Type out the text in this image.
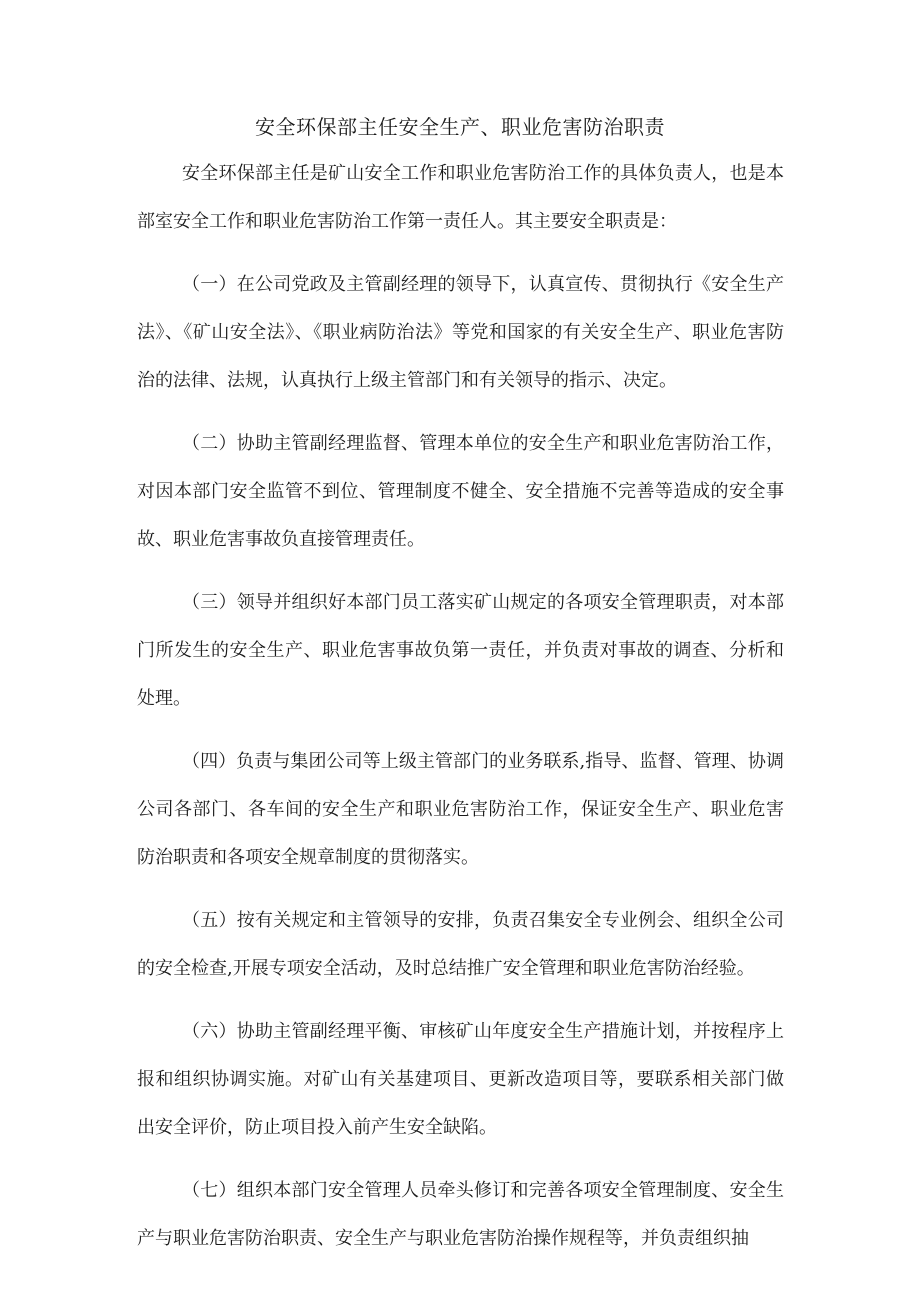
安全环保部主任安全生产、职业危害防治职责

安全环保部主任是矿山安全工作和职业危害防治工作的具体负责人，也是本部室安全工作和职业危害防治工作第一责任人。其主要安全职责是：

（一）在公司党政及主管副经理的领导下，认真宣传、贯彻执行《安全生产法》、《矿山安全法》、《职业病防治法》等党和国家的有关安全生产、职业危害防治的法律、法规，认真执行上级主管部门和有关领导的指示、决定。

（二）协助主管副经理监督、管理本单位的安全生产和职业危害防治工作，对因本部门安全监管不到位、管理制度不健全、安全措施不完善等造成的安全事故、职业危害事故负直接管理责任。

（三）领导并组织好本部门员工落实矿山规定的各项安全管理职责，对本部门所发生的安全生产、职业危害事故负第一责任，并负责对事故的调查、分析和处理。

（四）负责与集团公司等上级主管部门的业务联系,指导、监督、管理、协调公司各部门、各车间的安全生产和职业危害防治工作，保证安全生产、职业危害防治职责和各项安全规章制度的贯彻落实。

（五）按有关规定和主管领导的安排，负责召集安全专业例会、组织全公司的安全检查,开展专项安全活动，及时总结推广安全管理和职业危害防治经验。

（六）协助主管副经理平衡、审核矿山年度安全生产措施计划，并按程序上报和组织协调实施。对矿山有关基建项目、更新改造项目等，要联系相关部门做出安全评价，防止项目投入前产生安全缺陷。

（七）组织本部门安全管理人员牵头修订和完善各项安全管理制度、安全生产与职业危害防治职责、安全生产与职业危害防治操作规程等，并负责组织抽
